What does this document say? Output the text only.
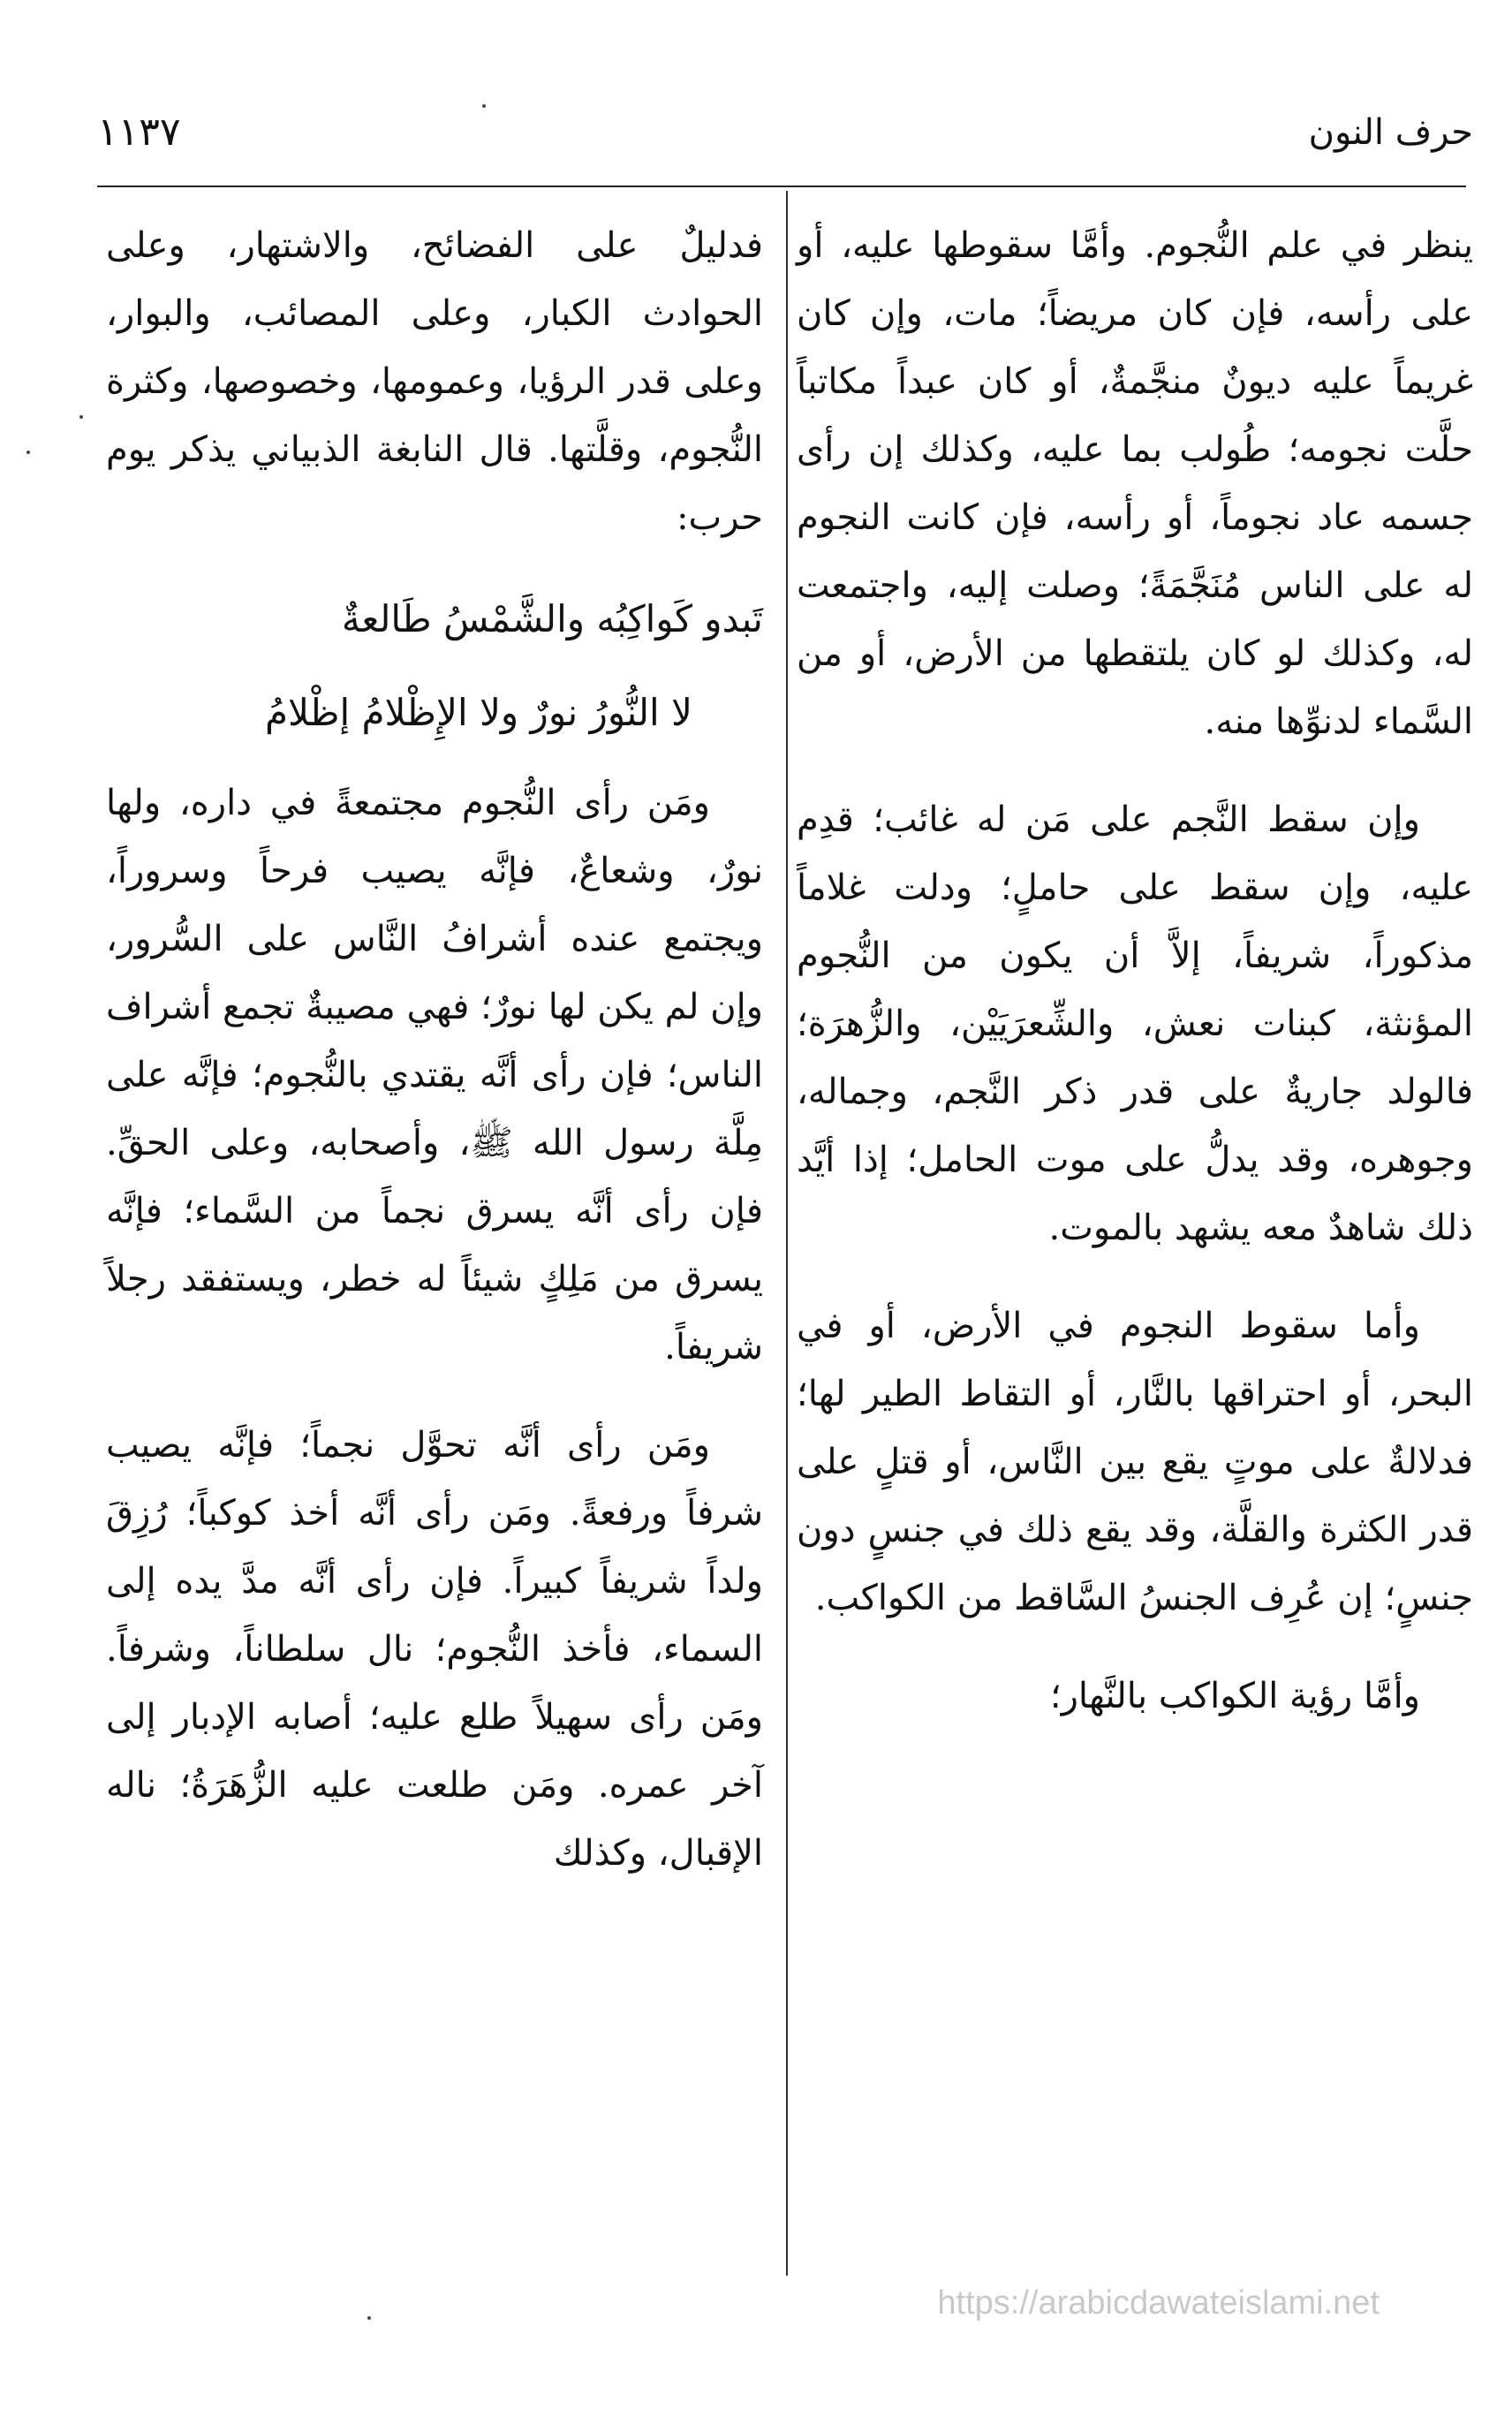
حرف النون
١١٣٧

ينظر في علم النُّجوم. وأمَّا سقوطها عليه، أو على رأسه، فإن كان مريضاً؛ مات، وإن كان غريماً عليه ديونٌ منجَّمةٌ، أو كان عبداً مكاتباً حلَّت نجومه؛ طُولب بما عليه، وكذلك إن رأى جسمه عاد نجوماً، أو رأسه، فإن كانت النجوم له على الناس مُنَجَّمَةً؛ وصلت إليه، واجتمعت له، وكذلك لو كان يلتقطها من الأرض، أو من السَّماء لدنوِّها منه.

وإن سقط النَّجم على مَن له غائب؛ قدِم عليه، وإن سقط على حاملٍ؛ ودلت غلاماً مذكوراً، شريفاً، إلاَّ أن يكون من النُّجوم المؤنثة، كبنات نعش، والشِّعرَيَيْن، والزُّهرَة؛ فالولد جاريةٌ على قدر ذكر النَّجم، وجماله، وجوهره، وقد يدلُّ على موت الحامل؛ إذا أيَّد ذلك شاهدٌ معه يشهد بالموت.

وأما سقوط النجوم في الأرض، أو في البحر، أو احتراقها بالنَّار، أو التقاط الطير لها؛ فدلالةٌ على موتٍ يقع بين النَّاس، أو قتلٍ على قدر الكثرة والقلَّة، وقد يقع ذلك في جنسٍ دون جنسٍ؛ إن عُرِف الجنسُ السَّاقط من الكواكب.

وأمَّا رؤية الكواكب بالنَّهار؛

فدليلٌ على الفضائح، والاشتهار، وعلى الحوادث الكبار، وعلى المصائب، والبوار، وعلى قدر الرؤيا، وعمومها، وخصوصها، وكثرة النُّجوم، وقلَّتها. قال النابغة الذبياني يذكر يوم حرب:

تَبدو كَواكِبُه والشَّمْسُ طَالعةٌ
لا النُّورُ نورٌ ولا الإِظْلامُ إظْلامُ

ومَن رأى النُّجوم مجتمعةً في داره، ولها نورٌ، وشعاعٌ، فإنَّه يصيب فرحاً وسروراً، ويجتمع عنده أشرافُ النَّاس على السُّرور، وإن لم يكن لها نورٌ؛ فهي مصيبةٌ تجمع أشراف الناس؛ فإن رأى أنَّه يقتدي بالنُّجوم؛ فإنَّه على مِلَّة رسول الله ﷺ، وأصحابه، وعلى الحقِّ. فإن رأى أنَّه يسرق نجماً من السَّماء؛ فإنَّه يسرق من مَلِكٍ شيئاً له خطر، ويستفقد رجلاً شريفاً.

ومَن رأى أنَّه تحوَّل نجماً؛ فإنَّه يصيب شرفاً ورفعةً. ومَن رأى أنَّه أخذ كوكباً؛ رُزِقَ ولداً شريفاً كبيراً. فإن رأى أنَّه مدَّ يده إلى السماء، فأخذ النُّجوم؛ نال سلطاناً، وشرفاً. ومَن رأى سهيلاً طلع عليه؛ أصابه الإدبار إلى آخر عمره. ومَن طلعت عليه الزُّهَرَةُ؛ ناله الإقبال، وكذلك

https://arabicdawateislami.net
